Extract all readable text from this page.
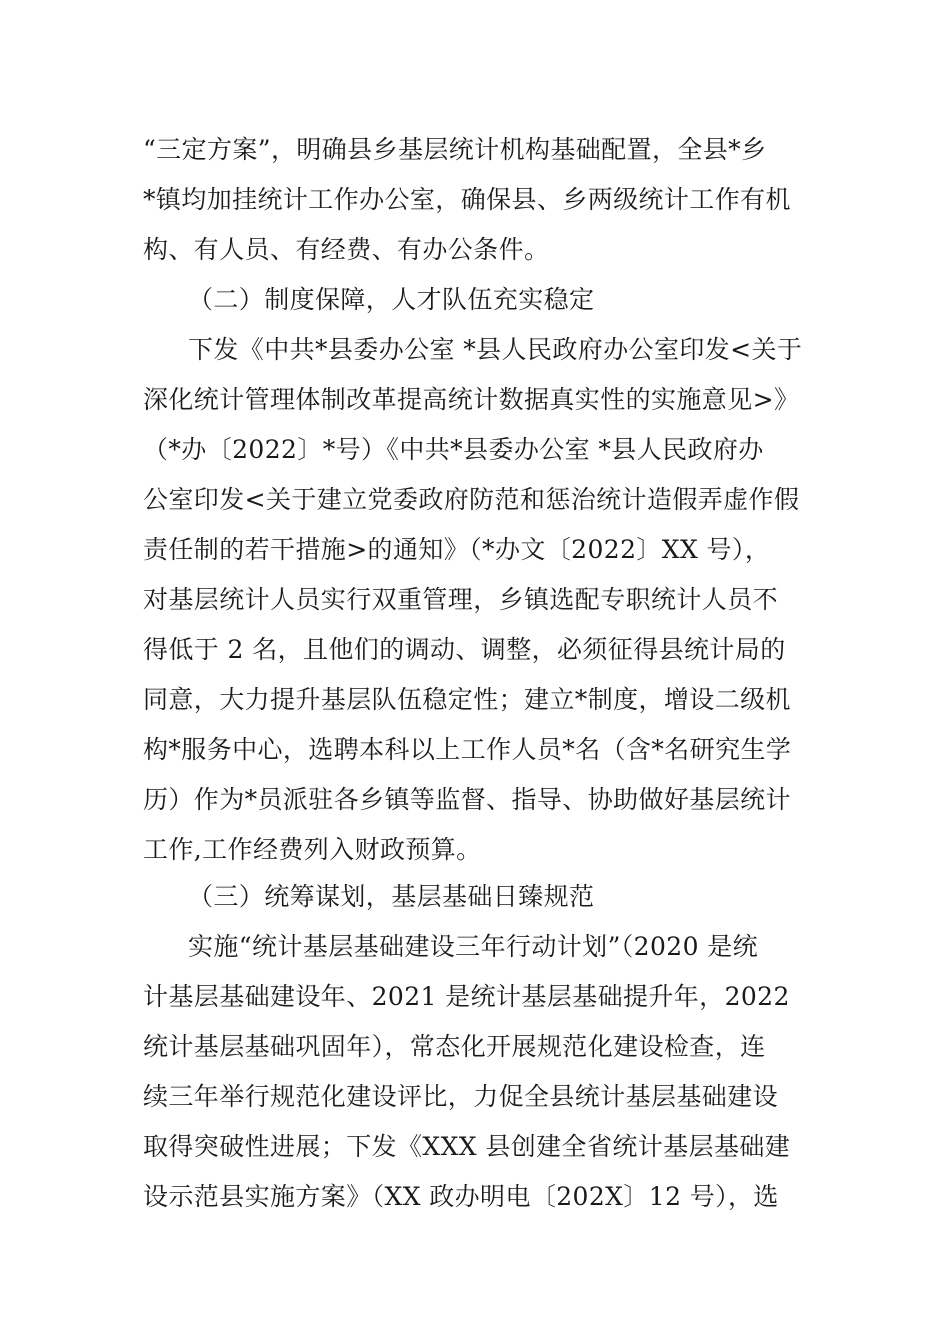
“三定方案”，明确县乡基层统计机构基础配置，全县*乡
*镇均加挂统计工作办公室，确保县、乡两级统计工作有机
构、有人员、有经费、有办公条件。
（二）制度保障，人才队伍充实稳定
下发《中共*县委办公室 *县人民政府办公室印发<关于
深化统计管理体制改革提高统计数据真实性的实施意见>》
（*办〔2022〕*号）《中共*县委办公室 *县人民政府办
公室印发<关于建立党委政府防范和惩治统计造假弄虚作假
责任制的若干措施>的通知》（*办文〔2022〕XX 号），
对基层统计人员实行双重管理，乡镇选配专职统计人员不
得低于 2 名，且他们的调动、调整，必须征得县统计局的
同意，大力提升基层队伍稳定性；建立*制度，增设二级机
构*服务中心，选聘本科以上工作人员*名（含*名研究生学
历）作为*员派驻各乡镇等监督、指导、协助做好基层统计
工作,工作经费列入财政预算。
（三）统筹谋划，基层基础日臻规范
实施“统计基层基础建设三年行动计划”（2020 是统
计基层基础建设年、2021 是统计基层基础提升年，2022
统计基层基础巩固年），常态化开展规范化建设检查，连
续三年举行规范化建设评比，力促全县统计基层基础建设
取得突破性进展；下发《XXX 县创建全省统计基层基础建
设示范县实施方案》（XX 政办明电〔202X〕12 号），选
